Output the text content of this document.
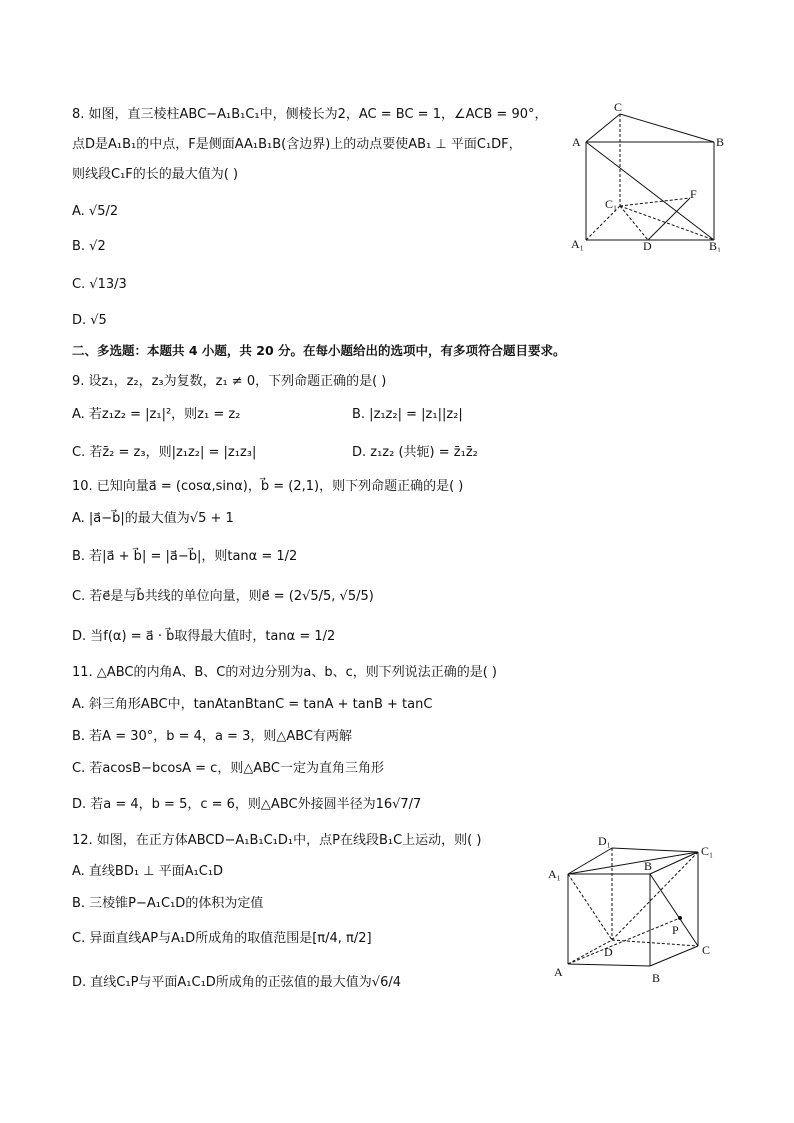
8. 如图，直三棱柱ABC−A₁B₁C₁中，侧棱长为2，AC = BC = 1，∠ACB = 90°，
点D是A₁B₁的中点，F是侧面AA₁B₁B(含边界)上的动点要使AB₁ ⊥ 平面C₁DF，
则线段C₁F的长的最大值为( )
A. √5/2
B. √2
C. √13/3
D. √5
C
A	B
F
C₁
A₁	D	B₁
二、多选题：本题共 4 小题，共 20 分。在每小题给出的选项中，有多项符合题目要求。
9. 设z₁，z₂，z₃为复数，z₁ ≠ 0，下列命题正确的是( )
A. 若z₁z₂ = |z₁|²，则z₁ = z₂	B. |z₁z₂| = |z₁||z₂|
C. 若z̄₂ = z₃，则|z₁z₂| = |z₁z₃|	D. z₁z₂ (共轭) = z̄₁z̄₂
10. 已知向量a⃗ = (cosα,sinα)，b⃗ = (2,1)，则下列命题正确的是( )
A. |a⃗−b⃗|的最大值为√5 + 1
B. 若|a⃗ + b⃗| = |a⃗−b⃗|，则tanα = 1/2
C. 若e⃗是与b⃗共线的单位向量，则e⃗ = (2√5/5, √5/5)
D. 当f(α) = a⃗ · b⃗取得最大值时，tanα = 1/2
11. △ABC的内角A、B、C的对边分别为a、b、c，则下列说法正确的是( )
A. 斜三角形ABC中，tanAtanBtanC = tanA + tanB + tanC
B. 若A = 30°，b = 4，a = 3，则△ABC有两解
C. 若acosB−bcosA = c，则△ABC一定为直角三角形
D. 若a = 4，b = 5，c = 6，则△ABC外接圆半径为16√7/7
12. 如图，在正方体ABCD−A₁B₁C₁D₁中，点P在线段B₁C上运动，则( )
A. 直线BD₁ ⊥ 平面A₁C₁D
B. 三棱锥P−A₁C₁D的体积为定值
C. 异面直线AP与A₁D所成角的取值范围是[π/4, π/2]
D. 直线C₁P与平面A₁C₁D所成角的正弦值的最大值为√6/4
D₁
C₁
A₁
B
P
D	C
A	B
